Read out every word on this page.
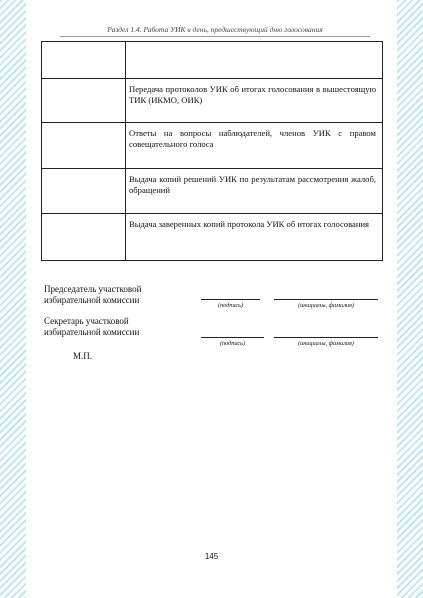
Раздел 1.4. Работа УИК в день, предшествующий дню голосования
Передача протоколов УИК об итогах голосования в вышестоящую ТИК (ИКМО, ОИК)
Ответы на вопросы наблюдателей, членов УИК с правом совещательного голоса
Выдача копий решений УИК по результатам рассмотрения жалоб, обращений
Выдача заверенных копий протокола УИК об итогах голосования
Председатель участковой
избирательной комиссии
(подпись)	(инициалы, фамилия)
Секретарь участковой
избирательной комиссии
(подпись)	(инициалы, фамилия)
М.П.
145
